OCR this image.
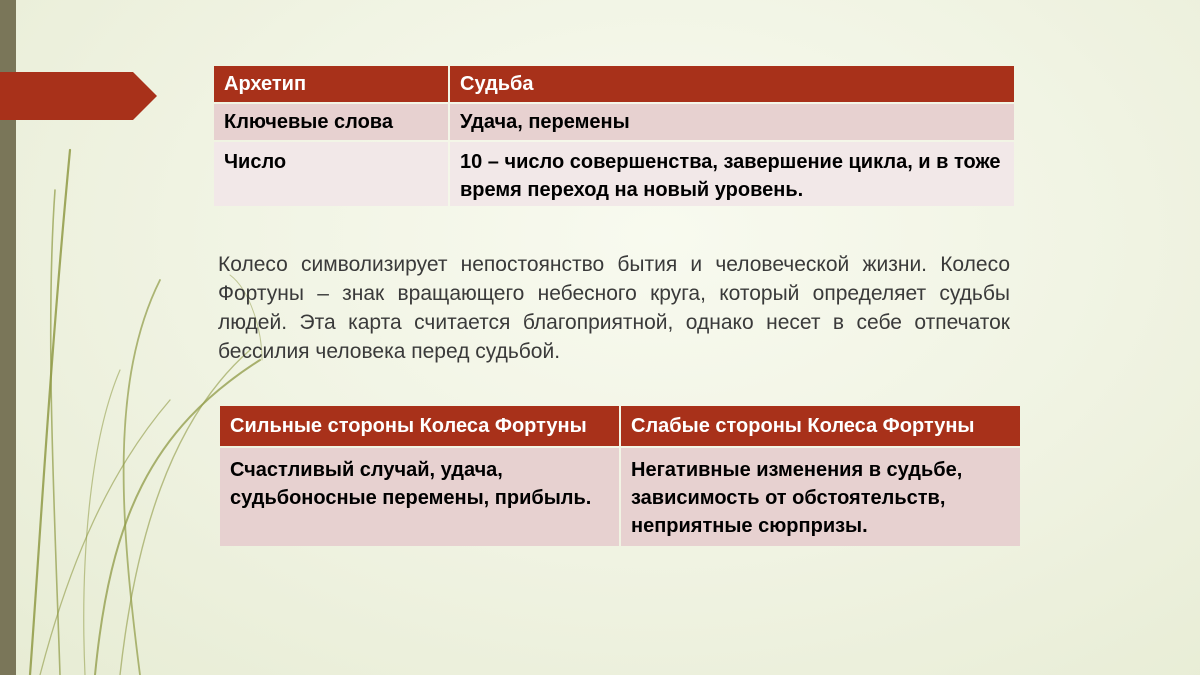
Архетип	Судьба
Ключевые слова	Удача, перемены
Число	10 – число совершенства, завершение цикла, и в тоже время переход на новый уровень.

Колесо символизирует непостоянство бытия и человеческой жизни. Колесо Фортуны – знак вращающего небесного круга, который определяет судьбы людей. Эта карта считается благоприятной, однако несет в себе отпечаток бессилия человека перед судьбой.

Сильные стороны Колеса Фортуны	Слабые стороны Колеса Фортуны
Счастливый случай, удача, судьбоносные перемены, прибыль.	Негативные изменения в судьбе, зависимость от обстоятельств, неприятные сюрпризы.
